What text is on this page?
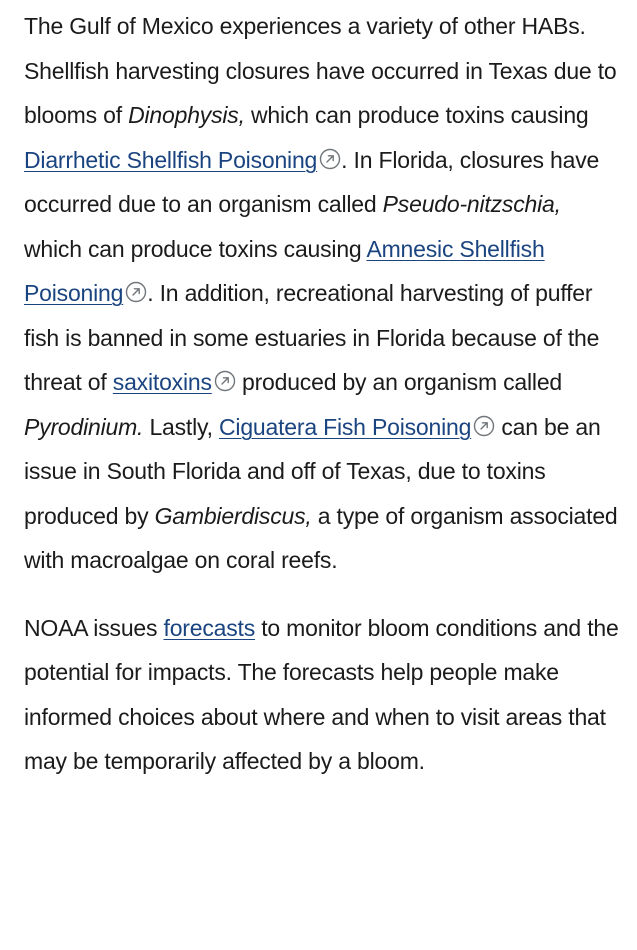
The Gulf of Mexico experiences a variety of other HABs. Shellfish harvesting closures have occurred in Texas due to blooms of Dinophysis, which can produce toxins causing Diarrhetic Shellfish Poisoning . In Florida, closures have occurred due to an organism called Pseudo-nitzschia, which can produce toxins causing Amnesic Shellfish Poisoning . In addition, recreational harvesting of puffer fish is banned in some estuaries in Florida because of the threat of saxitoxins
produced by an organism called Pyrodinium. Lastly, Ciguatera Fish Poisoning
can be an issue in South Florida and off of Texas, due to toxins produced by Gambierdiscus, a type of organism associated with macroalgae on coral reefs.

NOAA issues forecasts to monitor bloom conditions and the potential for impacts. The forecasts help people make informed choices about where and when to visit areas that may be temporarily affected by a bloom.
